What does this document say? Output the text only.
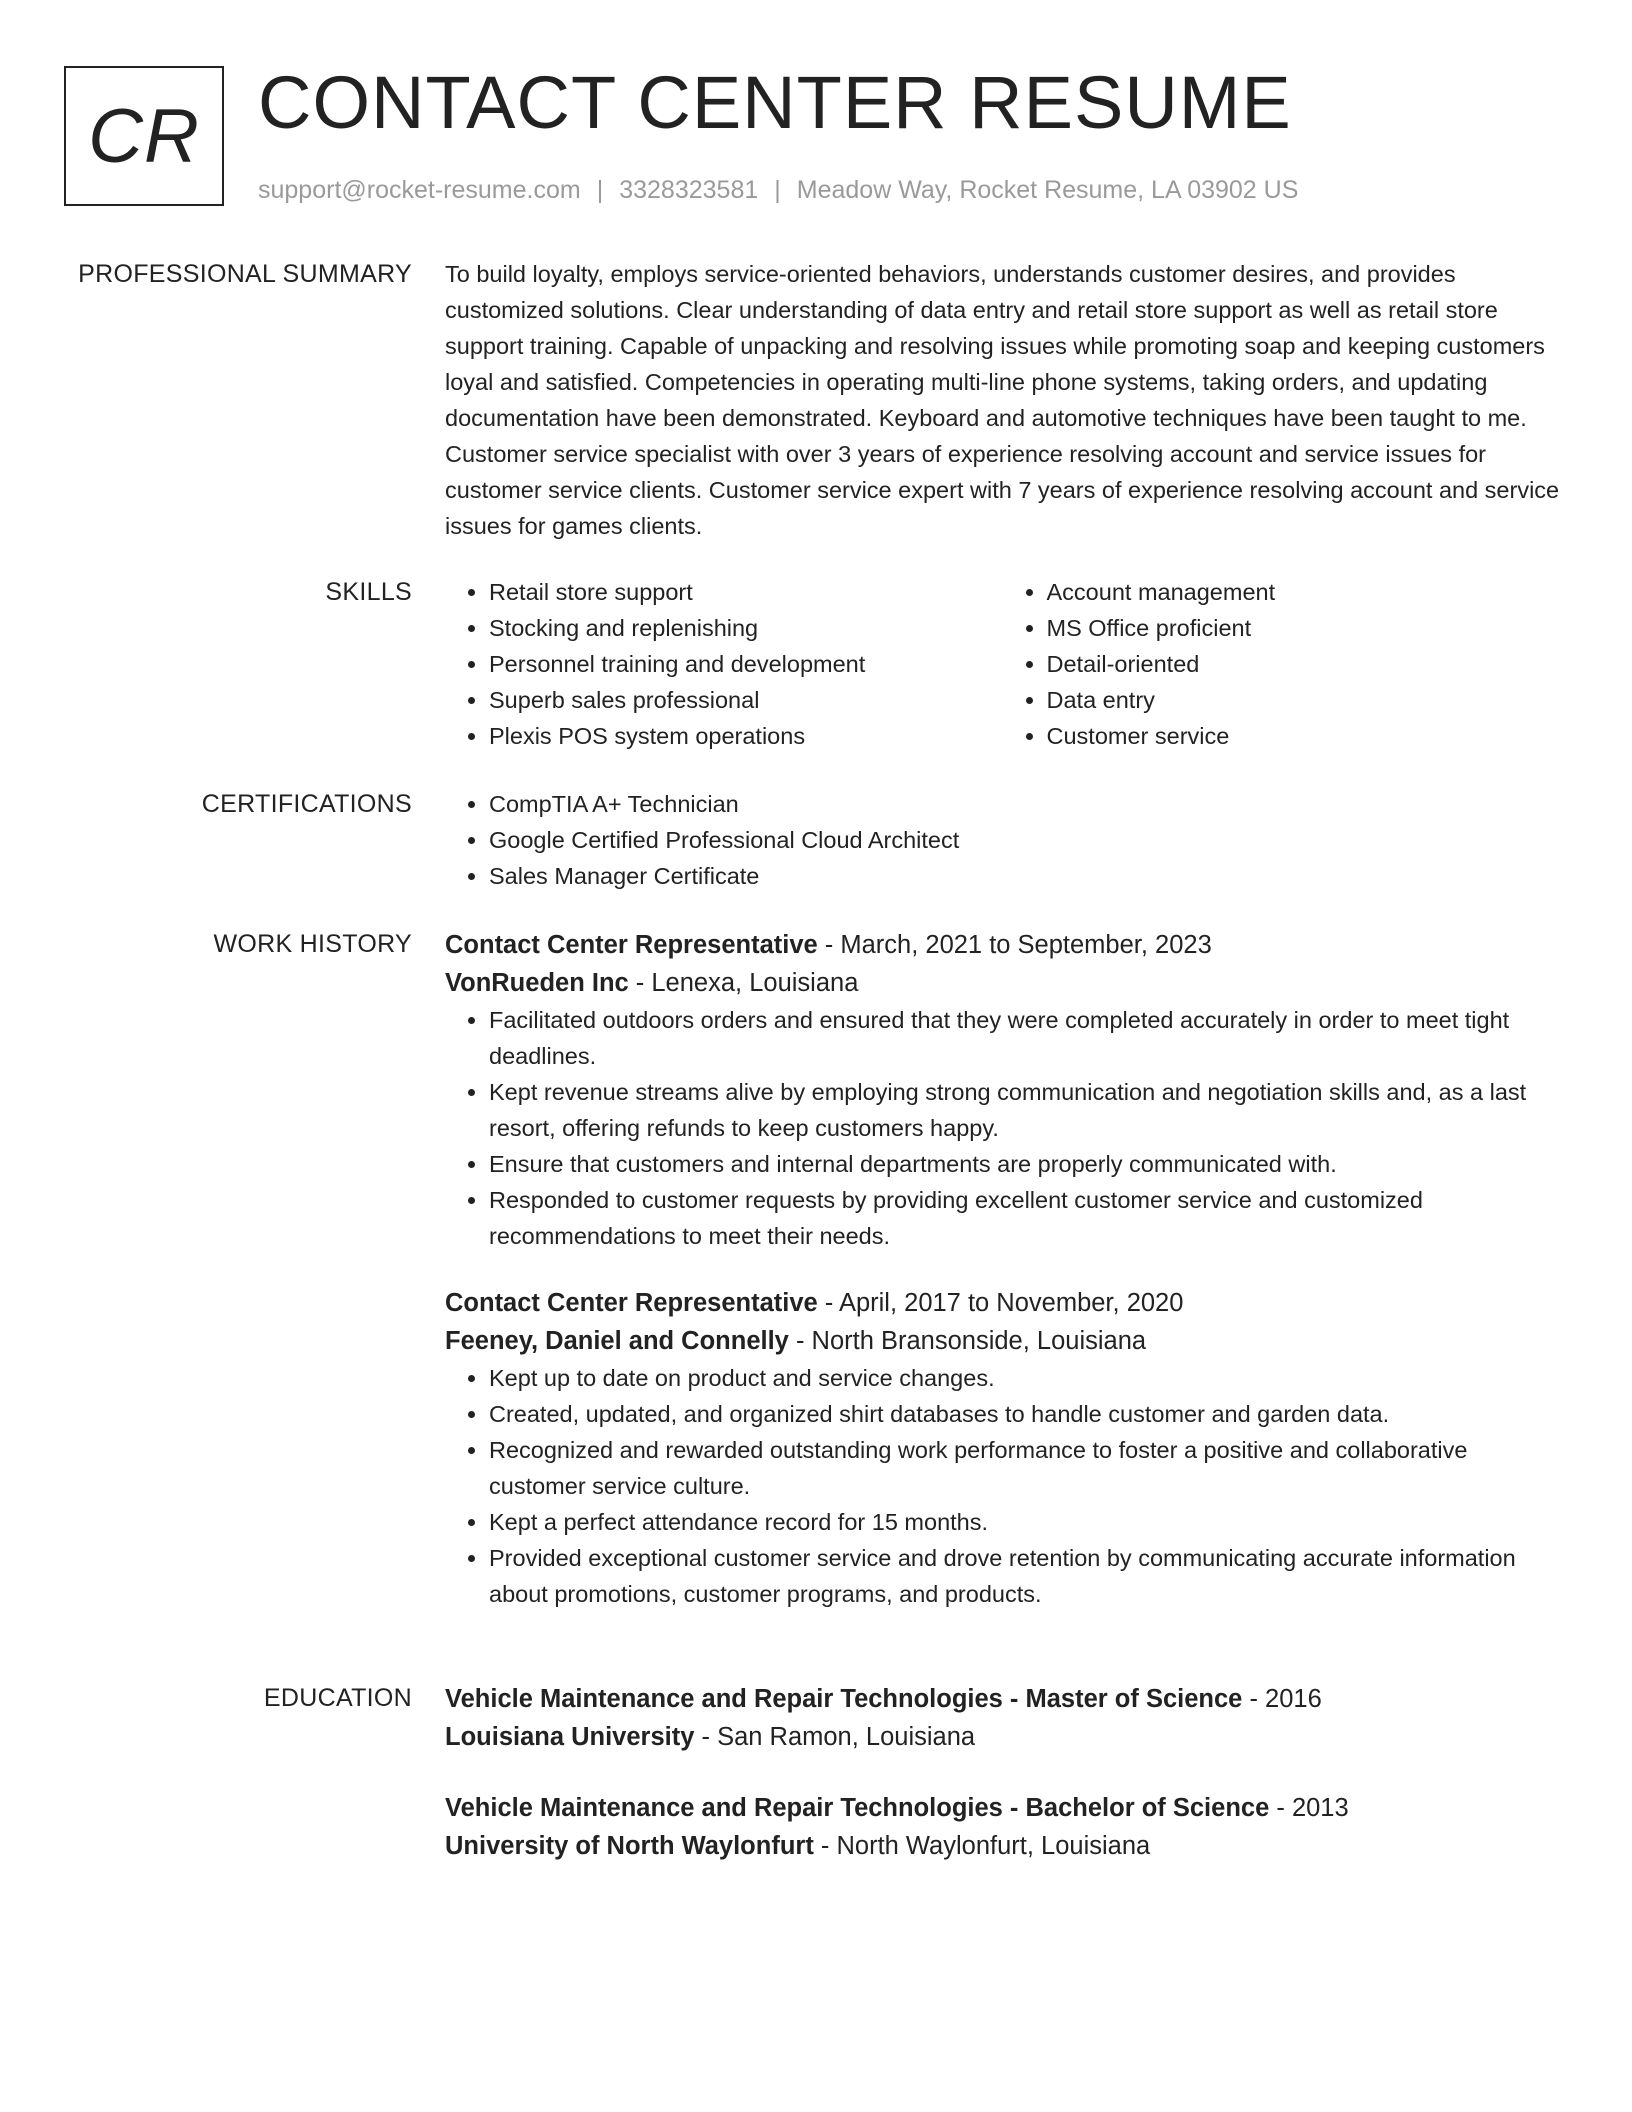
CR CONTACT CENTER RESUME
support@rocket-resume.com | 3328323581 | Meadow Way, Rocket Resume, LA 03902 US
PROFESSIONAL SUMMARY To build loyalty, employs service-oriented behaviors, understands customer desires, and provides customized solutions. Clear understanding of data entry and retail store support as well as retail store support training. Capable of unpacking and resolving issues while promoting soap and keeping customers loyal and satisfied. Competencies in operating multi-line phone systems, taking orders, and updating documentation have been demonstrated. Keyboard and automotive techniques have been taught to me. Customer service specialist with over 3 years of experience resolving account and service issues for customer service clients. Customer service expert with 7 years of experience resolving account and service issues for games clients.

SKILLS	• Retail store support
• Stocking and replenishing
• Personnel training and development
• Superb sales professional
• Plexis POS system operations
• Account management
• MS Office proficient
• Detail-oriented
• Data entry
• Customer service
CERTIFICATIONS	• CompTIA A+ Technician
• Google Certified Professional Cloud Architect
• Sales Manager Certificate
WORK HISTORY Contact Center Representative - March, 2021 to September, 2023
VonRueden Inc - Lenexa, Louisiana
• Facilitated outdoors orders and ensured that they were completed accurately in order to meet tight deadlines.
• Kept revenue streams alive by employing strong communication and negotiation skills and, as a last resort, offering refunds to keep customers happy.
• Ensure that customers and internal departments are properly communicated with.
• Responded to customer requests by providing excellent customer service and customized recommendations to meet their needs.
Contact Center Representative - April, 2017 to November, 2020
Feeney, Daniel and Connelly - North Bransonside, Louisiana
• Kept up to date on product and service changes.
• Created, updated, and organized shirt databases to handle customer and garden data.
• Recognized and rewarded outstanding work performance to foster a positive and collaborative customer service culture.
• Kept a perfect attendance record for 15 months.
• Provided exceptional customer service and drove retention by communicating accurate information about promotions, customer programs, and products.
EDUCATION Vehicle Maintenance and Repair Technologies - Master of Science - 2016
Louisiana University - San Ramon, Louisiana
Vehicle Maintenance and Repair Technologies - Bachelor of Science - 2013
University of North Waylonfurt - North Waylonfurt, Louisiana
